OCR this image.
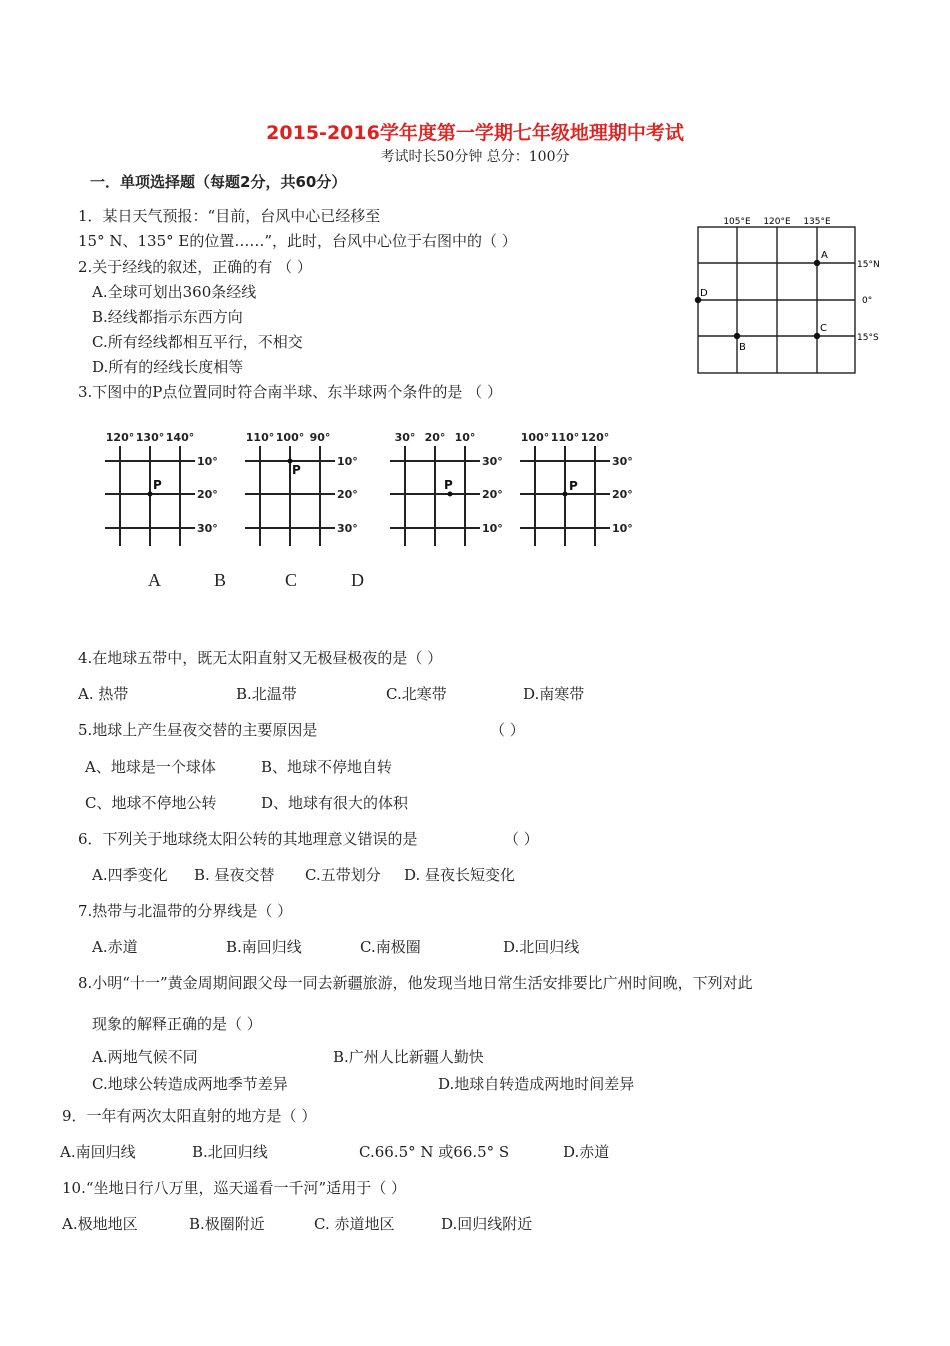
2015-2016学年度第一学期七年级地理期中考试
考试时长50分钟 总分：100分
一．单项选择题（每题2分，共60分）
1．某日天气预报：“目前，台风中心已经移至
15° N、135° E的位置……”，此时，台风中心位于右图中的（ ）
2.关于经线的叙述，正确的有 （ ）
A.全球可划出360条经线
B.经线都指示东西方向
C.所有经线都相互平行，不相交
D.所有的经线长度相等
3.下图中的P点位置同时符合南半球、东半球两个条件的是 （ ）
105°E 120°E 135°E
15°N
0°
15°S
A
B
C
D
120° 130° 140°
10°
20°
30°
110° 100° 90°
10°
20°
30°
30° 20° 10°
30°
20°
10°
100° 110° 120°
30°
20°
10°
P
P
P	P
A	B	C	D
4.在地球五带中，既无太阳直射又无极昼极夜的是（ ）
A. 热带	B.北温带	C.北寒带	D.南寒带
5.地球上产生昼夜交替的主要原因是	（ ）
A、地球是一个球体	B、地球不停地自转
C、地球不停地公转	D、地球有很大的体积
6．下列关于地球绕太阳公转的其地理意义错误的是	（ ）
A.四季变化 B. 昼夜交替 C.五带划分 D. 昼夜长短变化
7.热带与北温带的分界线是（ ）
A.赤道	B.南回归线	C.南极圈	D.北回归线
8.小明“十一”黄金周期间跟父母一同去新疆旅游，他发现当地日常生活安排要比广州时间晚，下列对此
现象的解释正确的是（ ）
A.两地气候不同	B.广州人比新疆人勤快
C.地球公转造成两地季节差异	D.地球自转造成两地时间差异
9．一年有两次太阳直射的地方是（ ）
A.南回归线	B.北回归线	C.66.5° N 或66.5° S	D.赤道
10.“坐地日行八万里，巡天遥看一千河”适用于（ ）
A.极地地区	B.极圈附近	C. 赤道地区	D.回归线附近
